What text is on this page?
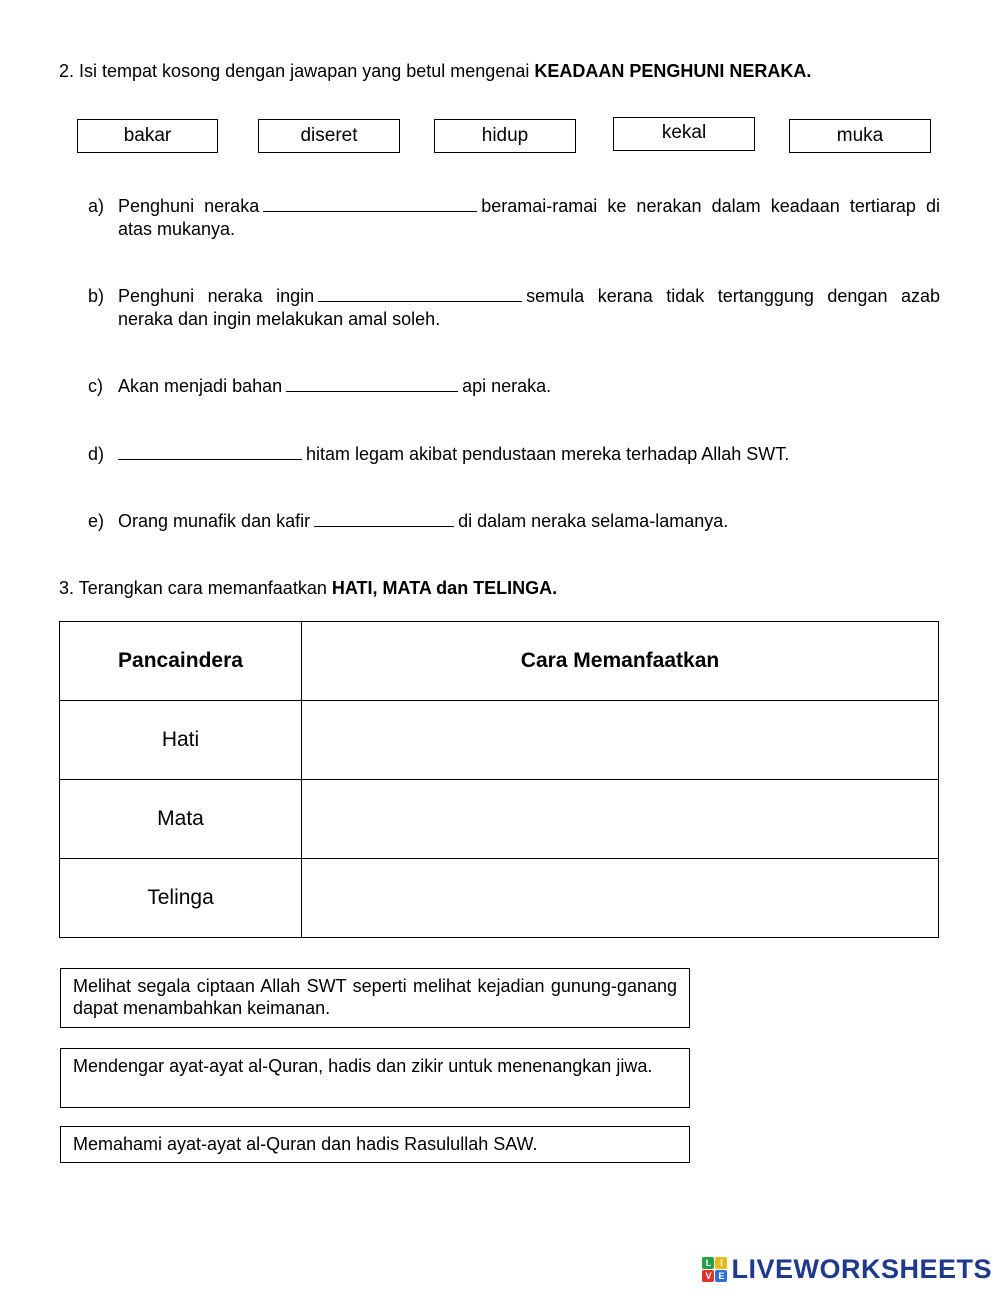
2. Isi tempat kosong dengan jawapan yang betul mengenai KEADAAN PENGHUNI NERAKA.
bakar	diseret	hidup	kekal	muka
a) Penghuni neraka	beramai-ramai ke nerakan dalam keadaan tertiarap di atas mukanya.
b) Penghuni neraka ingin	semula kerana tidak tertanggung dengan azab neraka dan ingin melakukan amal soleh.
c) Akan menjadi bahan	api neraka.
d)	hitam legam akibat pendustaan mereka terhadap Allah SWT.
e) Orang munafik dan kafir	di dalam neraka selama-lamanya.
3. Terangkan cara memanfaatkan HATI, MATA dan TELINGA.
Pancaindera	Cara Memanfaatkan
Hati	
Mata	
Telinga	
Melihat segala ciptaan Allah SWT seperti melihat kejadian gunung-ganang dapat menambahkan keimanan.
Mendengar ayat-ayat al-Quran, hadis dan zikir untuk menenangkan jiwa.
Memahami ayat-ayat al-Quran dan hadis Rasulullah SAW.
L I
V E LIVEWORKSHEETS
